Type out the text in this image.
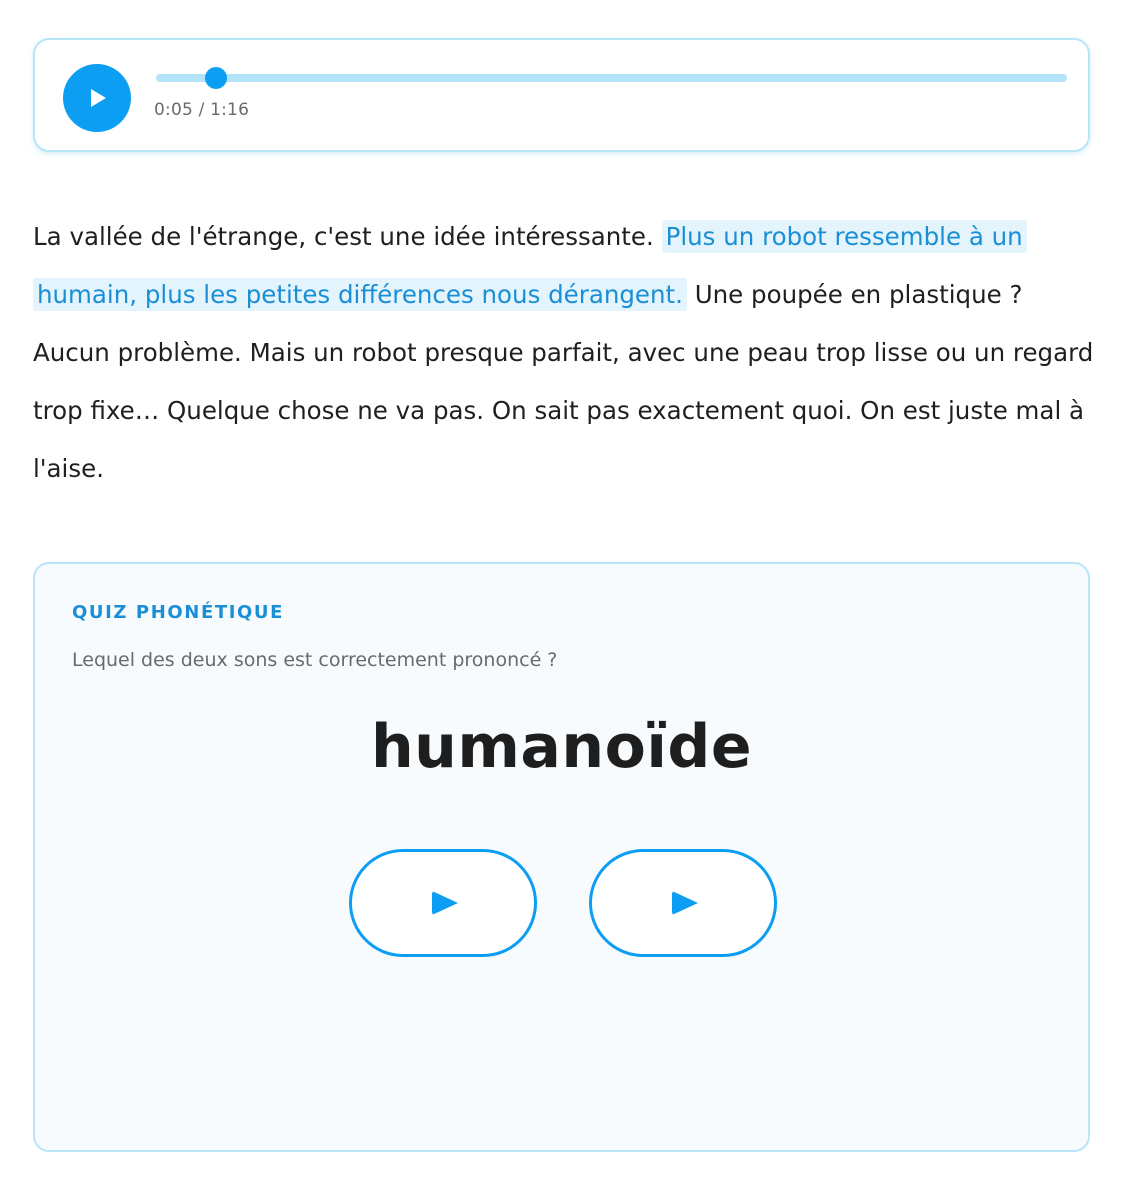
0:05 / 1:16

La vallée de l'étrange, c'est une idée intéressante. Plus un robot ressemble à un humain, plus les petites différences nous dérangent. Une poupée en plastique ? Aucun problème. Mais un robot presque parfait, avec une peau trop lisse ou un regard trop fixe… Quelque chose ne va pas. On sait pas exactement quoi. On est juste mal à l'aise.

QUIZ PHONÉTIQUE

Lequel des deux sons est correctement prononcé ?

humanoïde
